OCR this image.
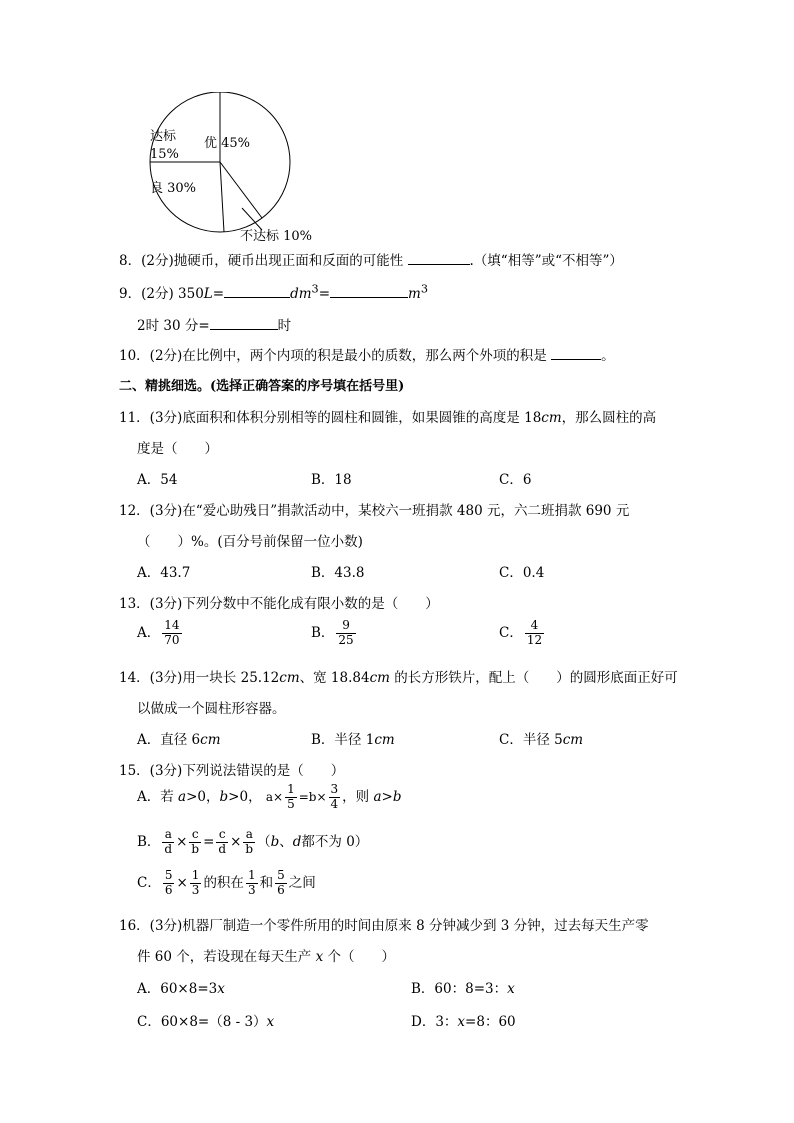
优 45%
良 30%
达标
15%
不达标 10%
8．(2分)抛硬币，硬币出现正面和反面的可能性	.（填“相等”或“不相等”）
9．(2分) 350L=	$dm^3=$	$m^3$
2时 30 分=	时
10．(2分)在比例中，两个内项的积是最小的质数，那么两个外项的积是	。
二、精挑细选。(选择正确答案的序号填在括号里)
11．(3分)底面积和体积分别相等的圆柱和圆锥，如果圆锥的高度是 18cm，那么圆柱的高
度是（　　）
A．54	B．18	C．6
12．(3分)在“爱心助残日”捐款活动中，某校六一班捐款 480 元，六二班捐款 690 元
（　　）%。(百分号前保留一位小数)
A．43.7	B．43.8	C．0.4
13．(3分)下列分数中不能化成有限小数的是（　　）
A． $\frac{14}{70}$	B． $\frac{9}{25}$	C． $\frac{4}{12}$
14．(3分)用一块长 25.12cm、宽 18.84cm 的长方形铁片，配上（　　）的圆形底面正好可
以做成一个圆柱形容器。
A．直径 6cm	B．半径 1cm	C．半径 5cm
15．(3分)下列说法错误的是（　　）
A．若 a>0，b>0， $a\times \frac{1}{5} =b\times \frac{3}{4}$ ，则 a>b
B． $\frac{a}{d} \times \frac{c}{b} = \frac{c}{d} \times \frac{a}{b} (b$、d都不为 0）
C． $\frac{5}{6} \times \frac{1}{3}$ 的积在 $\frac{1}{3}$ 和 $\frac{5}{6}$ 之间
16．(3分)机器厂制造一个零件所用的时间由原来 8 分钟减少到 3 分钟，过去每天生产零
件 60 个，若设现在每天生产 x 个（　　）
A．60×8=3x	B．60：8=3：x
C．60×8=（8 - 3）x	D．3：x=8：60
